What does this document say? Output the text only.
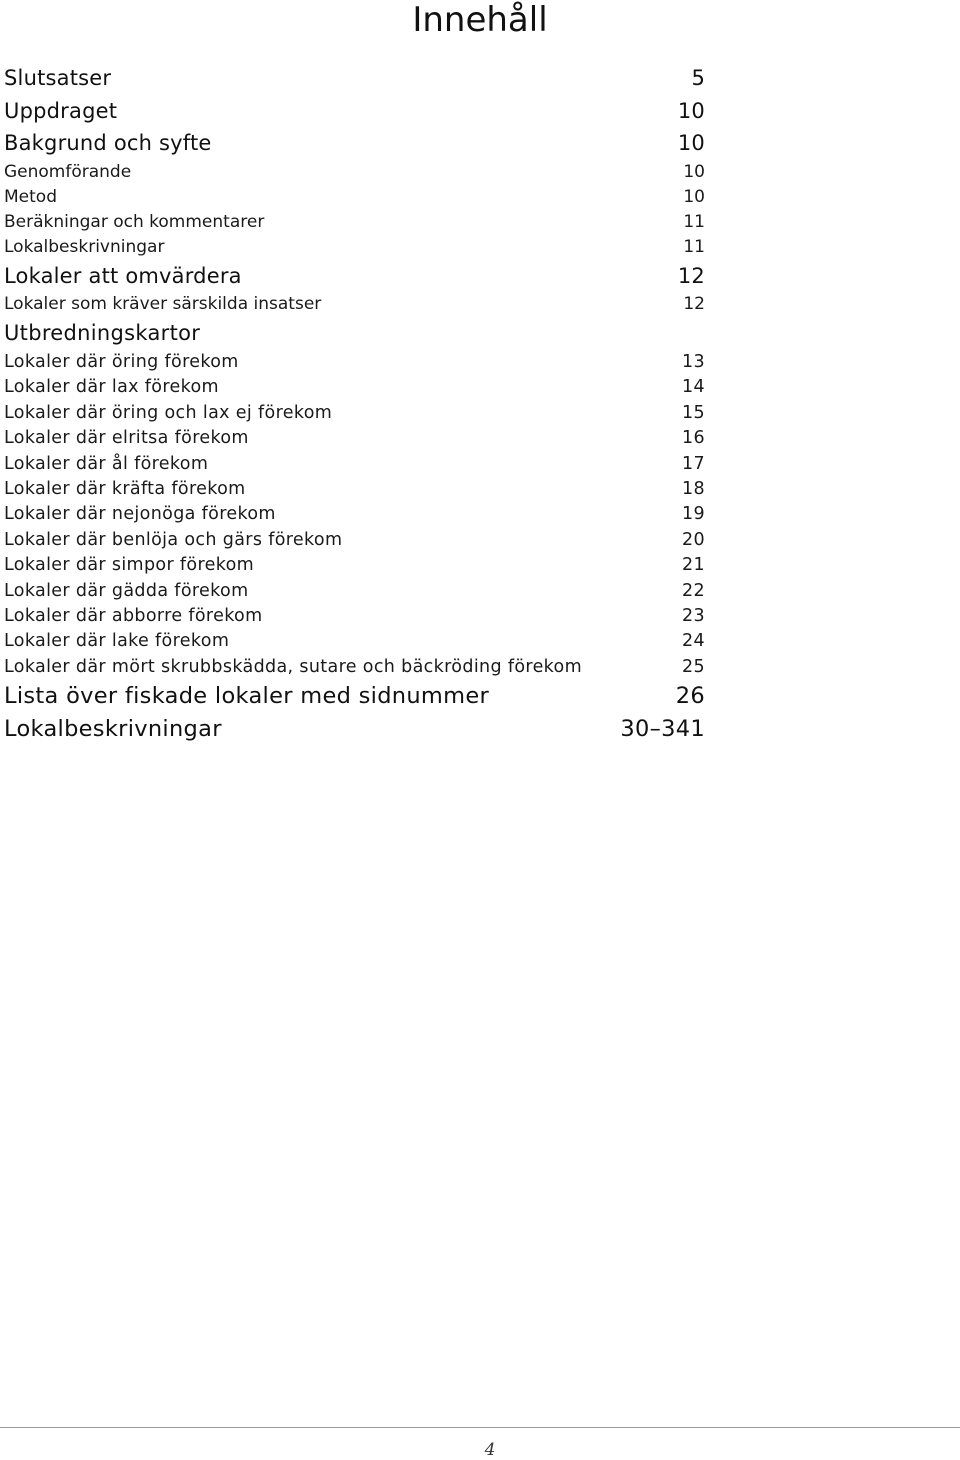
Innehåll
Slutsatser	5
Uppdraget	10
Bakgrund och syfte	10
Genomförande	10
Metod	10
Beräkningar och kommentarer	11
Lokalbeskrivningar	11
Lokaler att omvärdera	12
Lokaler som kräver särskilda insatser	12
Utbredningskartor
Lokaler där öring förekom	13
Lokaler där lax förekom	14
Lokaler där öring och lax ej förekom	15
Lokaler där elritsa förekom	16
Lokaler där ål förekom	17
Lokaler där kräfta förekom	18
Lokaler där nejonöga förekom	19
Lokaler där benlöja och gärs förekom	20
Lokaler där simpor förekom	21
Lokaler där gädda förekom	22
Lokaler där abborre förekom	23
Lokaler där lake förekom	24
Lokaler där mört skrubbskädda, sutare och bäckröding förekom	25
Lista över fiskade lokaler med sidnummer	26
Lokalbeskrivningar	30–341
4
